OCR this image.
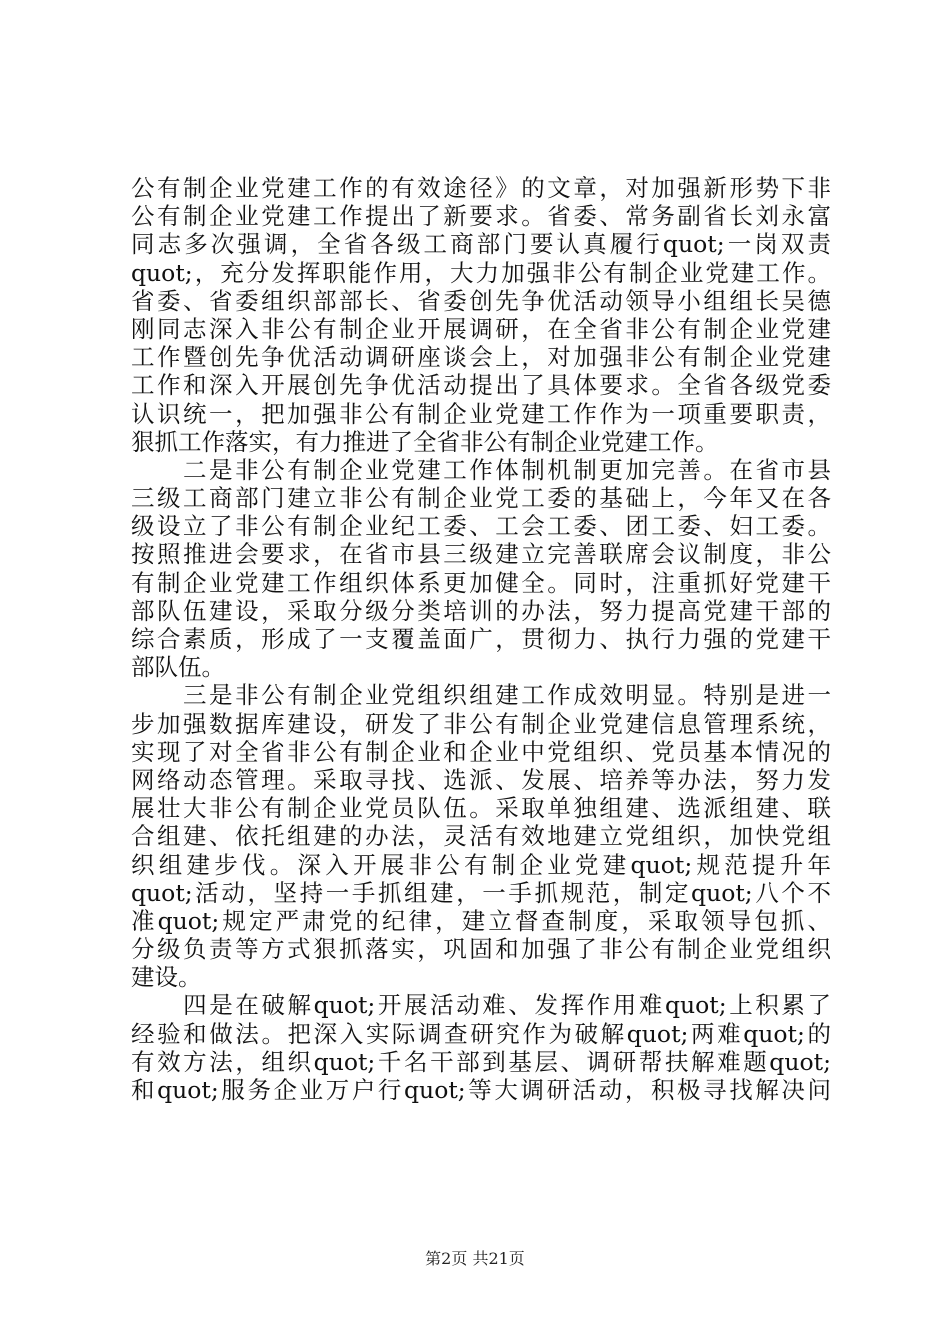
公有制企业党建工作的有效途径》的文章，对加强新形势下非
公有制企业党建工作提出了新要求。省委、常务副省长刘永富
同志多次强调，全省各级工商部门要认真履行quot;一岗双责
quot;，充分发挥职能作用，大力加强非公有制企业党建工作。
省委、省委组织部部长、省委创先争优活动领导小组组长吴德
刚同志深入非公有制企业开展调研，在全省非公有制企业党建
工作暨创先争优活动调研座谈会上，对加强非公有制企业党建
工作和深入开展创先争优活动提出了具体要求。全省各级党委
认识统一，把加强非公有制企业党建工作作为一项重要职责，
狠抓工作落实，有力推进了全省非公有制企业党建工作。
　　二是非公有制企业党建工作体制机制更加完善。在省市县
三级工商部门建立非公有制企业党工委的基础上，今年又在各
级设立了非公有制企业纪工委、工会工委、团工委、妇工委。
按照推进会要求，在省市县三级建立完善联席会议制度，非公
有制企业党建工作组织体系更加健全。同时，注重抓好党建干
部队伍建设，采取分级分类培训的办法，努力提高党建干部的
综合素质，形成了一支覆盖面广，贯彻力、执行力强的党建干
部队伍。
　　三是非公有制企业党组织组建工作成效明显。特别是进一
步加强数据库建设，研发了非公有制企业党建信息管理系统，
实现了对全省非公有制企业和企业中党组织、党员基本情况的
网络动态管理。采取寻找、选派、发展、培养等办法，努力发
展壮大非公有制企业党员队伍。采取单独组建、选派组建、联
合组建、依托组建的办法，灵活有效地建立党组织，加快党组
织组建步伐。深入开展非公有制企业党建quot;规范提升年
quot;活动，坚持一手抓组建，一手抓规范，制定quot;八个不
准quot;规定严肃党的纪律，建立督查制度，采取领导包抓、
分级负责等方式狠抓落实，巩固和加强了非公有制企业党组织
建设。
　　四是在破解quot;开展活动难、发挥作用难quot;上积累了
经验和做法。把深入实际调查研究作为破解quot;两难quot;的
有效方法，组织quot;千名干部到基层、调研帮扶解难题quot;
和quot;服务企业万户行quot;等大调研活动，积极寻找解决问
第2页 共21页
